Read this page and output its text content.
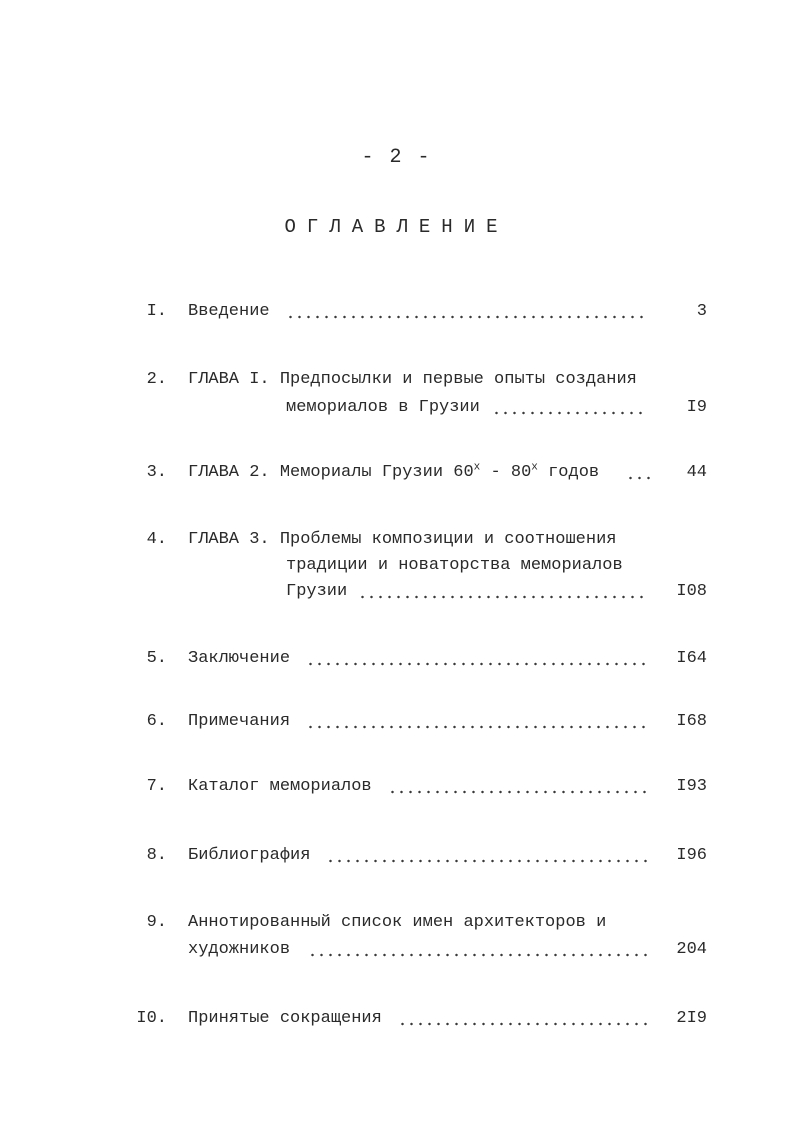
- 2 -
ОГЛАВЛЕНИЕ
I. Введение	3
2. ГЛАВА I. Предпосылки и первые опыты создания
мемориалов в Грузии	I9
3. ГЛАВА 2. Мемориалы Грузии 60$^x$ - 80$^x$ годов	44
4. ГЛАВА 3. Проблемы композиции и соотношения
традиции и новаторства мемориалов
Грузии	I08
5. Заключение	I64
6. Примечания	I68
7. Каталог мемориалов	I93
8. Библиография	I96
9. Аннотированный список имен архитекторов и
художников	204
I0. Принятые сокращения	2I9
